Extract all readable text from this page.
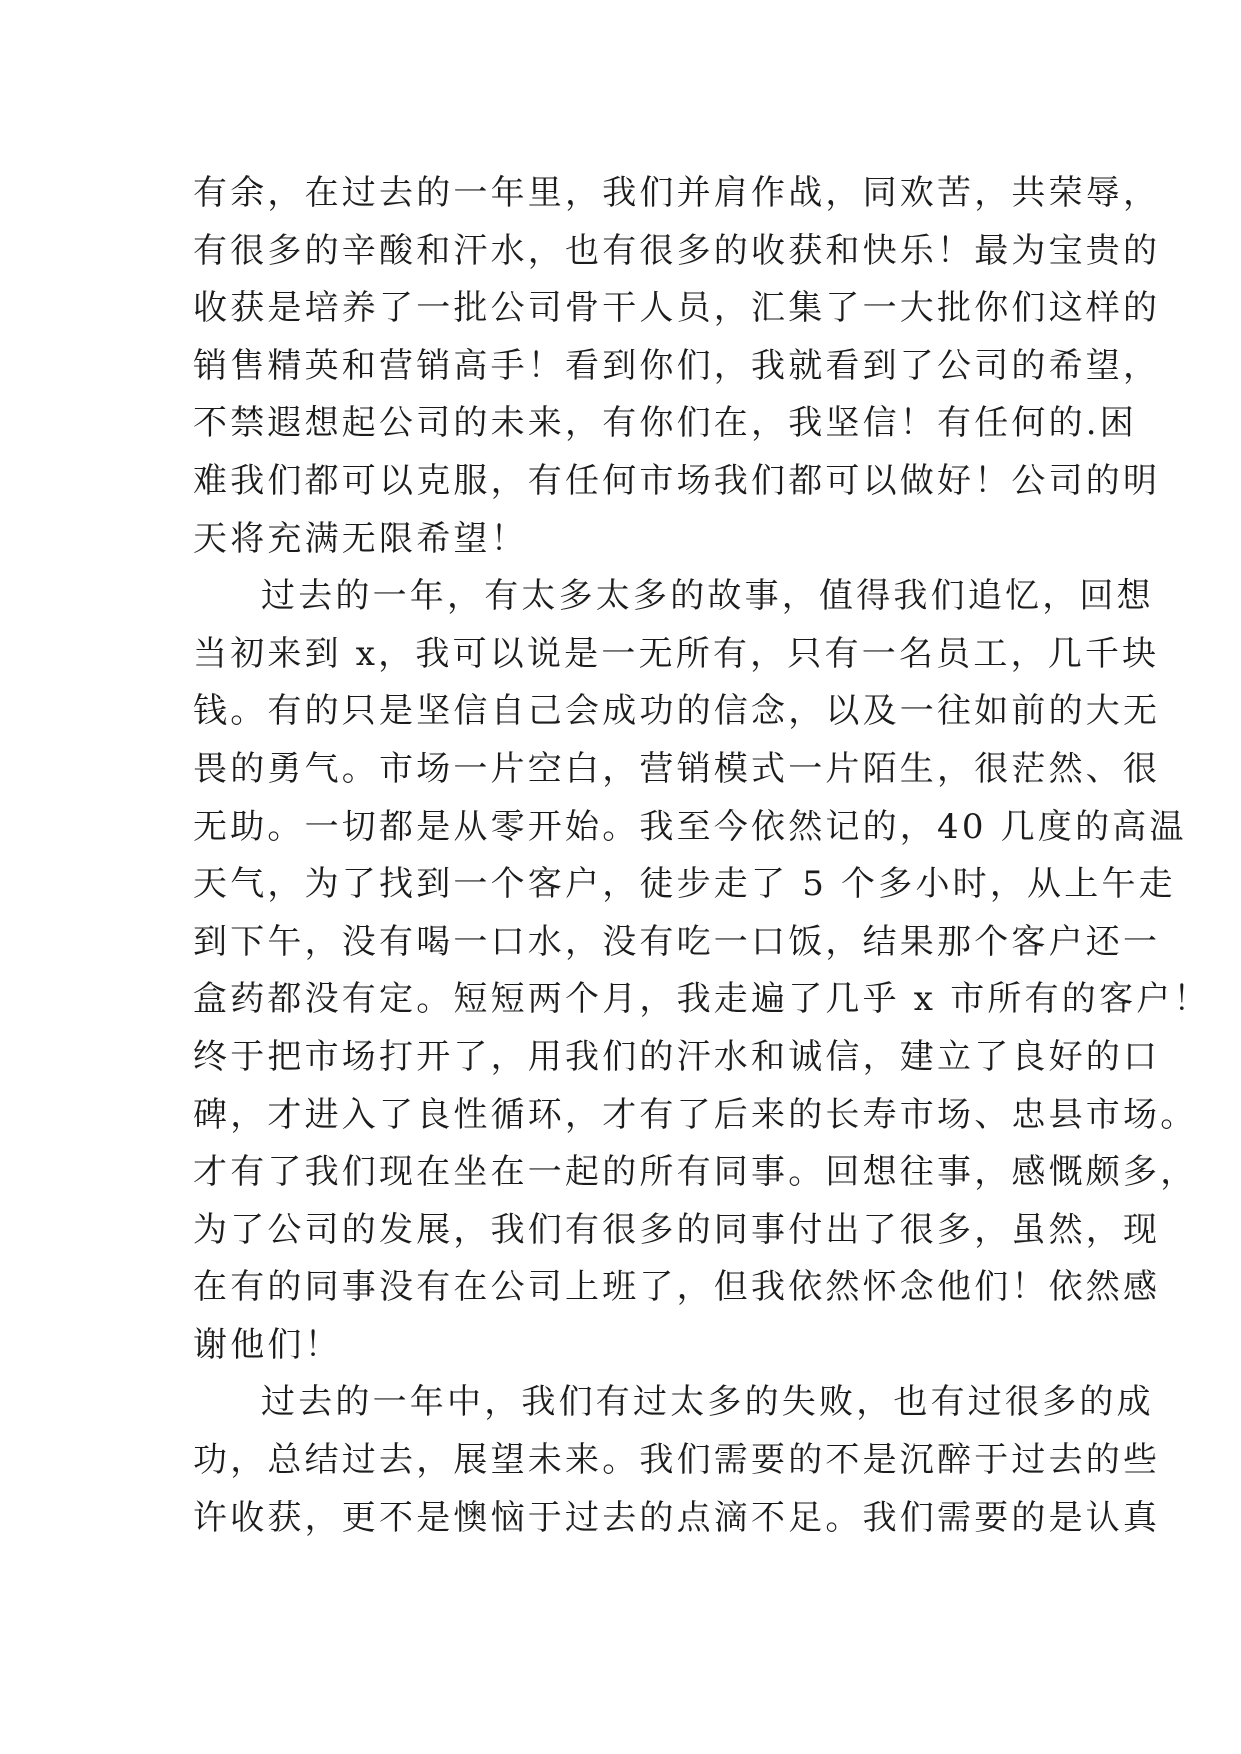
有余，在过去的一年里，我们并肩作战，同欢苦，共荣辱，
有很多的辛酸和汗水，也有很多的收获和快乐！最为宝贵的
收获是培养了一批公司骨干人员，汇集了一大批你们这样的
销售精英和营销高手！看到你们，我就看到了公司的希望，
不禁遐想起公司的未来，有你们在，我坚信！有任何的.困
难我们都可以克服，有任何市场我们都可以做好！公司的明
天将充满无限希望！
过去的一年，有太多太多的故事，值得我们追忆，回想
当初来到 x，我可以说是一无所有，只有一名员工，几千块
钱。有的只是坚信自己会成功的信念，以及一往如前的大无
畏的勇气。市场一片空白，营销模式一片陌生，很茫然、很
无助。一切都是从零开始。我至今依然记的，40 几度的高温
天气，为了找到一个客户，徒步走了 5 个多小时，从上午走
到下午，没有喝一口水，没有吃一口饭，结果那个客户还一
盒药都没有定。短短两个月，我走遍了几乎 x 市所有的客户！
终于把市场打开了，用我们的汗水和诚信，建立了良好的口
碑，才进入了良性循环，才有了后来的长寿市场、忠县市场。
才有了我们现在坐在一起的所有同事。回想往事，感慨颇多，
为了公司的发展，我们有很多的同事付出了很多，虽然，现
在有的同事没有在公司上班了，但我依然怀念他们！依然感
谢他们！
过去的一年中，我们有过太多的失败，也有过很多的成
功，总结过去，展望未来。我们需要的不是沉醉于过去的些
许收获，更不是懊恼于过去的点滴不足。我们需要的是认真
